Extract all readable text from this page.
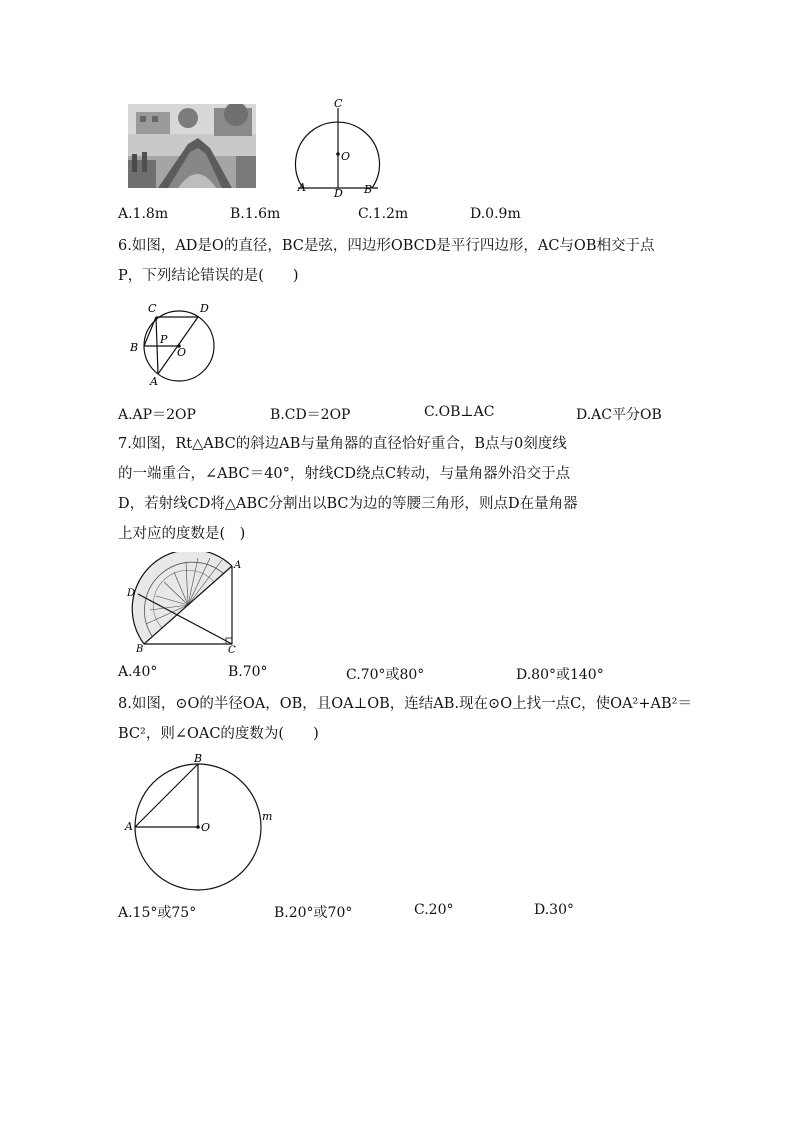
C
O
A	D B
A.1.8m	B.1.6m	C.1.2m	D.0.9m
6.如图，AD是O的直径，BC是弦，四边形OBCD是平行四边形，AC与OB相交于点
P，下列结论错误的是(　　)
C	D
B
P
O
A
A.AP＝2OP	B.CD＝2OP	C.OB⊥AC	D.AC平分OB
7.如图，Rt△ABC的斜边AB与量角器的直径恰好重合，B点与0刻度线
的一端重合，∠ABC＝40°，射线CD绕点C转动，与量角器外沿交于点
D，若射线CD将△ABC分割出以BC为边的等腰三角形，则点D在量角器
上对应的度数是(　)
A
D
B	C
A.40°	B.70°	C.70°或80°	D.80°或140°
8.如图，⊙O的半径OA，OB，且OA⊥OB，连结AB.现在⊙O上找一点C，使OA²+AB²＝
BC²，则∠OAC的度数为(　　)
B
A	O
m
A.15°或75°	B.20°或70°	C.20°	D.30°
